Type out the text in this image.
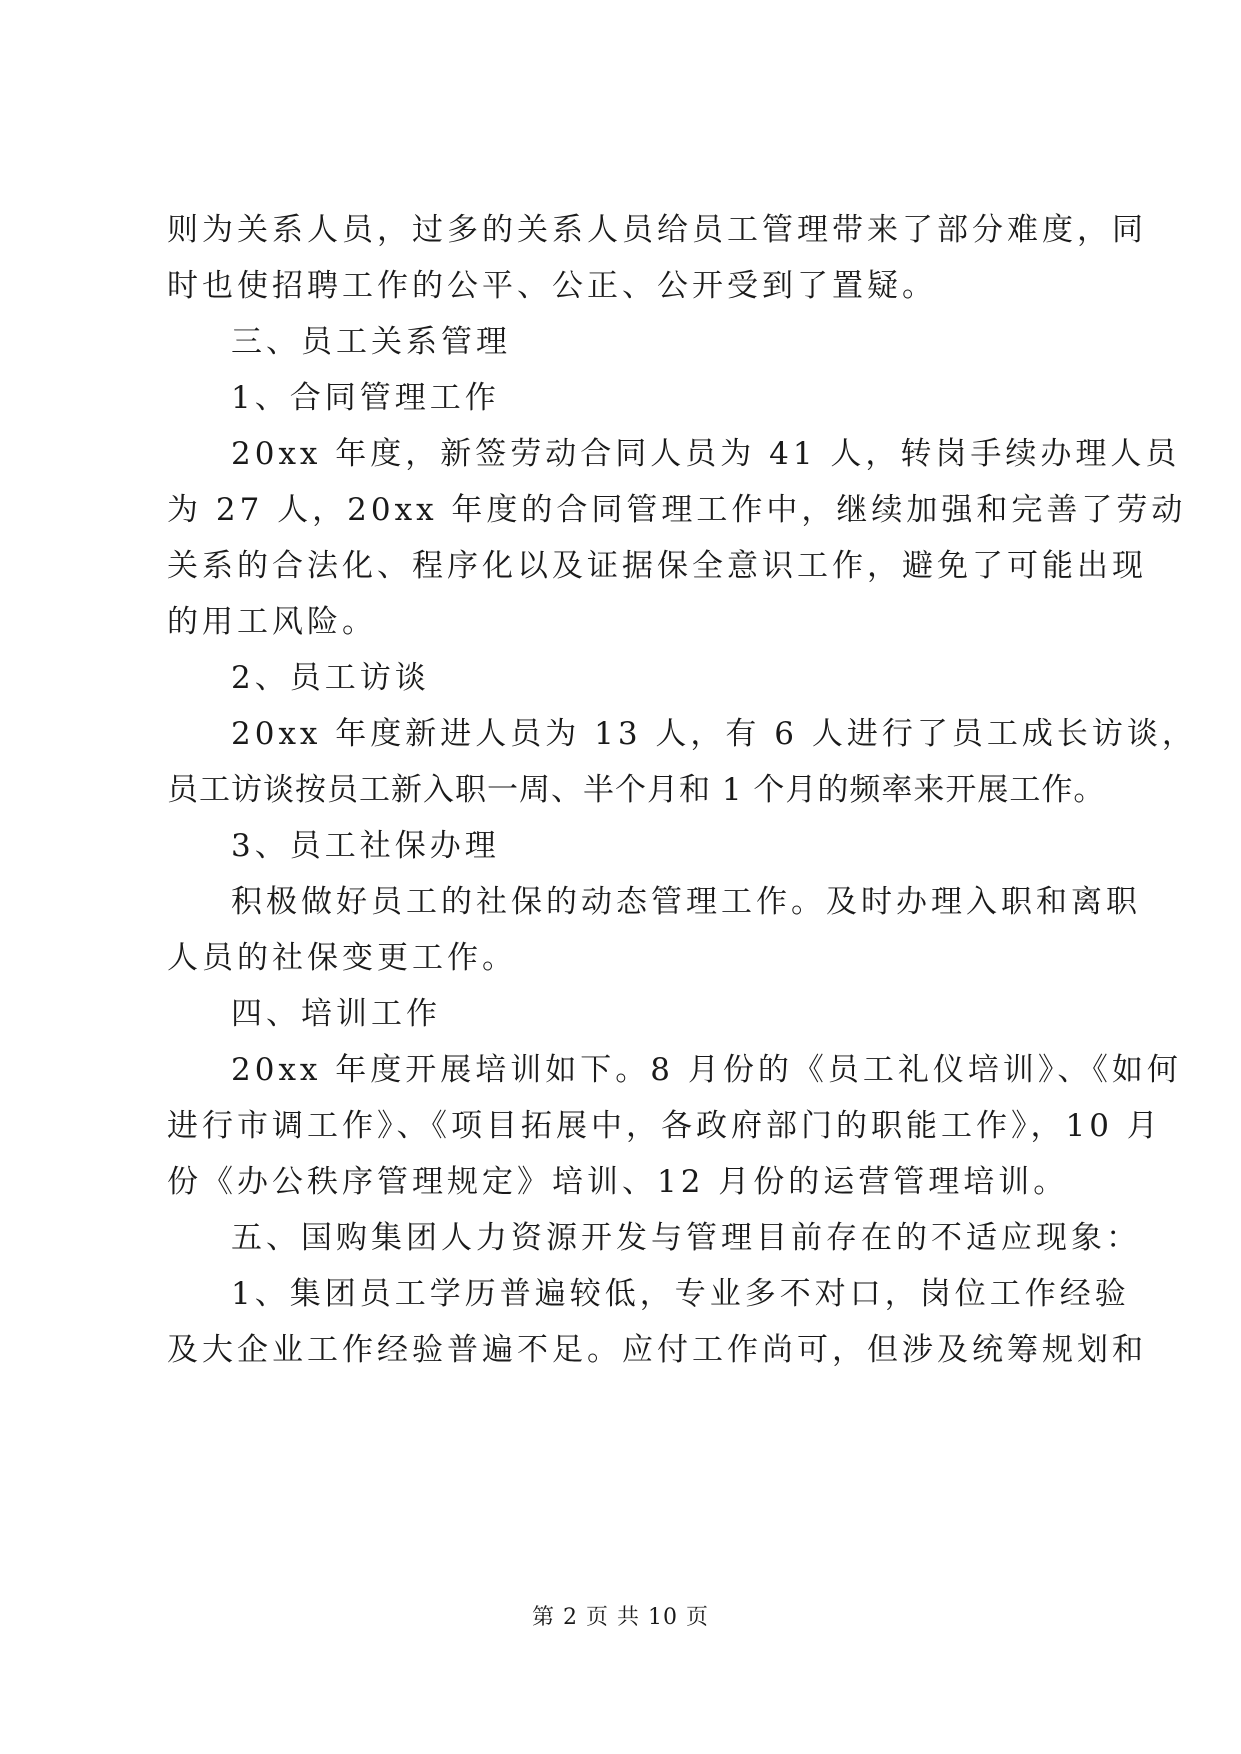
则为关系人员，过多的关系人员给员工管理带来了部分难度，同
时也使招聘工作的公平、公正、公开受到了置疑。
三、员工关系管理
1、合同管理工作
20xx 年度，新签劳动合同人员为 41 人，转岗手续办理人员
为 27 人，20xx 年度的合同管理工作中，继续加强和完善了劳动
关系的合法化、程序化以及证据保全意识工作，避免了可能出现
的用工风险。
2、员工访谈
20xx 年度新进人员为 13 人，有 6 人进行了员工成长访谈，
员工访谈按员工新入职一周、半个月和 1 个月的频率来开展工作。
3、员工社保办理
积极做好员工的社保的动态管理工作。及时办理入职和离职
人员的社保变更工作。
四、培训工作
20xx 年度开展培训如下。8 月份的《员工礼仪培训》、《如何
进行市调工作》、《项目拓展中，各政府部门的职能工作》，10 月
份《办公秩序管理规定》培训、12 月份的运营管理培训。
五、国购集团人力资源开发与管理目前存在的不适应现象：
1、集团员工学历普遍较低，专业多不对口，岗位工作经验
及大企业工作经验普遍不足。应付工作尚可，但涉及统筹规划和
第 2 页 共 10 页
